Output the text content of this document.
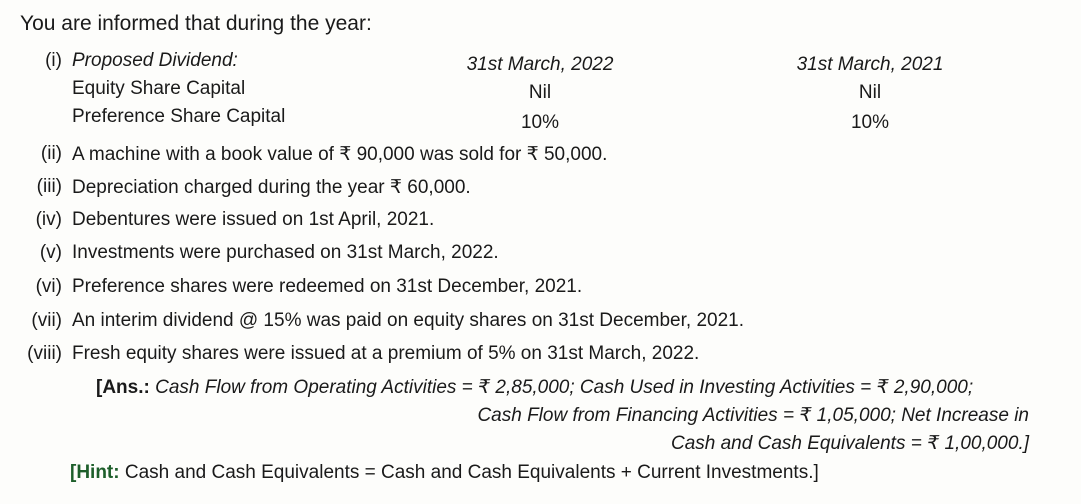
You are informed that during the year:
(i) Proposed Dividend:	31st March, 2022	31st March, 2021
Equity Share Capital	Nil	Nil
Preference Share Capital	10%	10%
(ii) A machine with a book value of ₹ 90,000 was sold for ₹ 50,000.
(iii) Depreciation charged during the year ₹ 60,000.
(iv) Debentures were issued on 1st April, 2021.
(v) Investments were purchased on 31st March, 2022.
(vi) Preference shares were redeemed on 31st December, 2021.
(vii) An interim dividend @ 15% was paid on equity shares on 31st December, 2021.
(viii) Fresh equity shares were issued at a premium of 5% on 31st March, 2022.
[Ans.: Cash Flow from Operating Activities = ₹ 2,85,000; Cash Used in Investing Activities = ₹ 2,90,000;
Cash Flow from Financing Activities = ₹ 1,05,000; Net Increase in
Cash and Cash Equivalents = ₹ 1,00,000.]
[Hint: Cash and Cash Equivalents = Cash and Cash Equivalents + Current Investments.]
